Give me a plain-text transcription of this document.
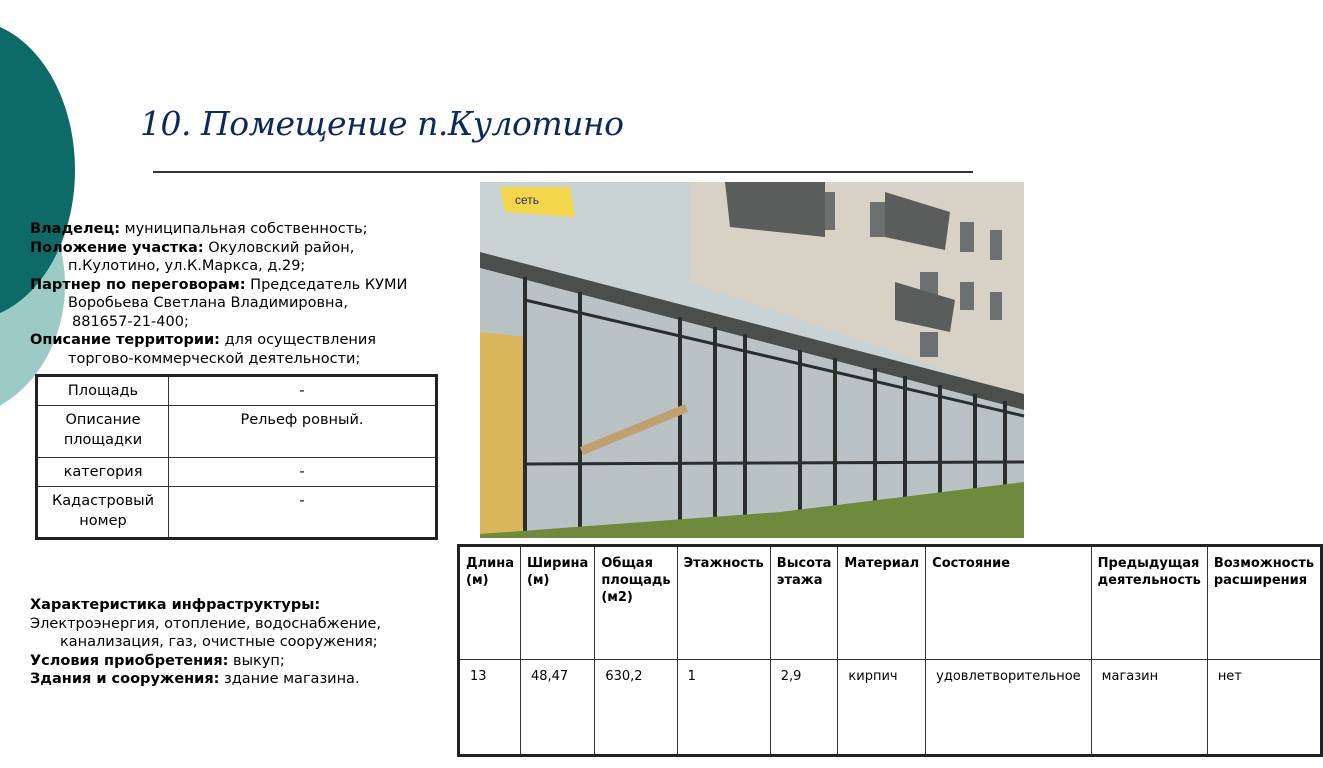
10. Помещение п.Кулотино
Владелец: муниципальная собственность;
Положение участка: Окуловский район,
п.Кулотино, ул.К.Маркса, д.29;
Партнер по переговорам: Председатель КУМИ
Воробьева Светлана Владимировна,
881657-21-400;
Описание территории: для осуществления
торгово-коммерческой деятельности;
Площадь	-
Описание площадки	Рельеф ровный.
категория	-
Кадастровый номер	-
сеть
Характеристика инфраструктуры:
Электроэнергия, отопление, водоснабжение,
канализация, газ, очистные сооружения;
Условия приобретения: выкуп;
Здания и сооружения: здание магазина.
Длина (м)	Ширина (м)	Общая площадь (м2)	Этажность	Высота этажа	Материал	Состояние	Предыдущая деятельность	Возможность расширения
13	48,47	630,2	1	2,9	кирпич	удовлетворительное	магазин	нет
